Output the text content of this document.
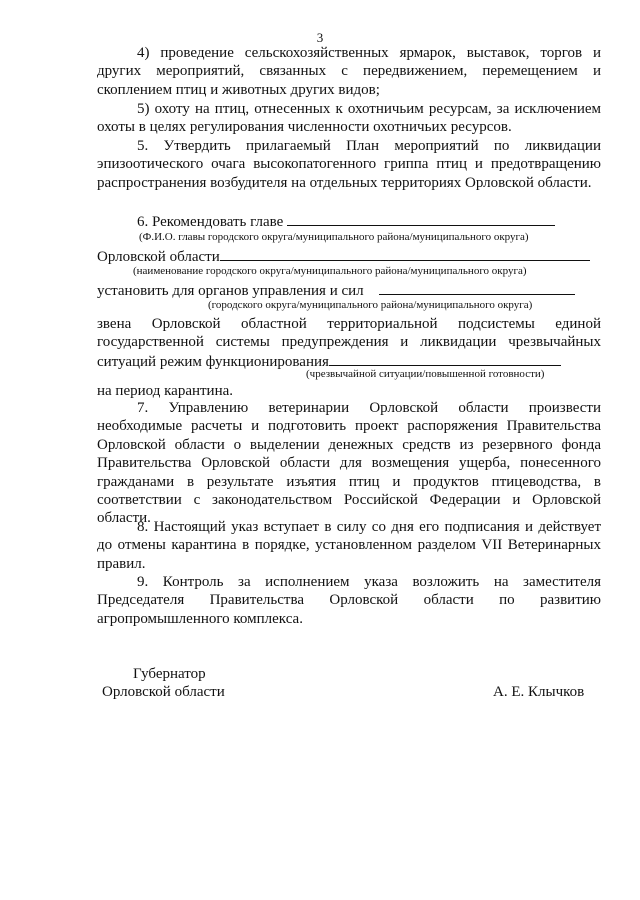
3
4) проведение сельскохозяйственных ярмарок, выставок, торгов и других мероприятий, связанных с передвижением, перемещением и скоплением птиц и животных других видов;
5) охоту на птиц, отнесенных к охотничьим ресурсам, за исключением охоты в целях регулирования численности охотничьих ресурсов.
5. Утвердить прилагаемый План мероприятий по ликвидации эпизоотического очага высокопатогенного гриппа птиц и предотвращению распространения возбудителя на отдельных территориях Орловской области.
6. Рекомендовать главе
(Ф.И.О. главы городского округа/муниципального района/муниципального округа)
Орловской области
(наименование городского округа/муниципального района/муниципального округа)
установить для органов управления и сил
(городского округа/муниципального района/муниципального округа)
звена Орловской областной территориальной подсистемы единой государственной системы предупреждения и ликвидации чрезвычайных
ситуаций режим функционирования
(чрезвычайной ситуации/повышенной готовности)
на период карантина.
7. Управлению ветеринарии Орловской области произвести необходимые расчеты и подготовить проект распоряжения Правительства Орловской области о выделении денежных средств из резервного фонда Правительства Орловской области для возмещения ущерба, понесенного гражданами в результате изъятия птиц и продуктов птицеводства, в соответствии с законодательством Российской Федерации и Орловской области.
8. Настоящий указ вступает в силу со дня его подписания и действует до отмены карантина в порядке, установленном разделом VII Ветеринарных правил.
9. Контроль за исполнением указа возложить на заместителя Председателя Правительства Орловской области по развитию агропромышленного комплекса.
Губернатор
Орловской области	А. Е. Клычков
